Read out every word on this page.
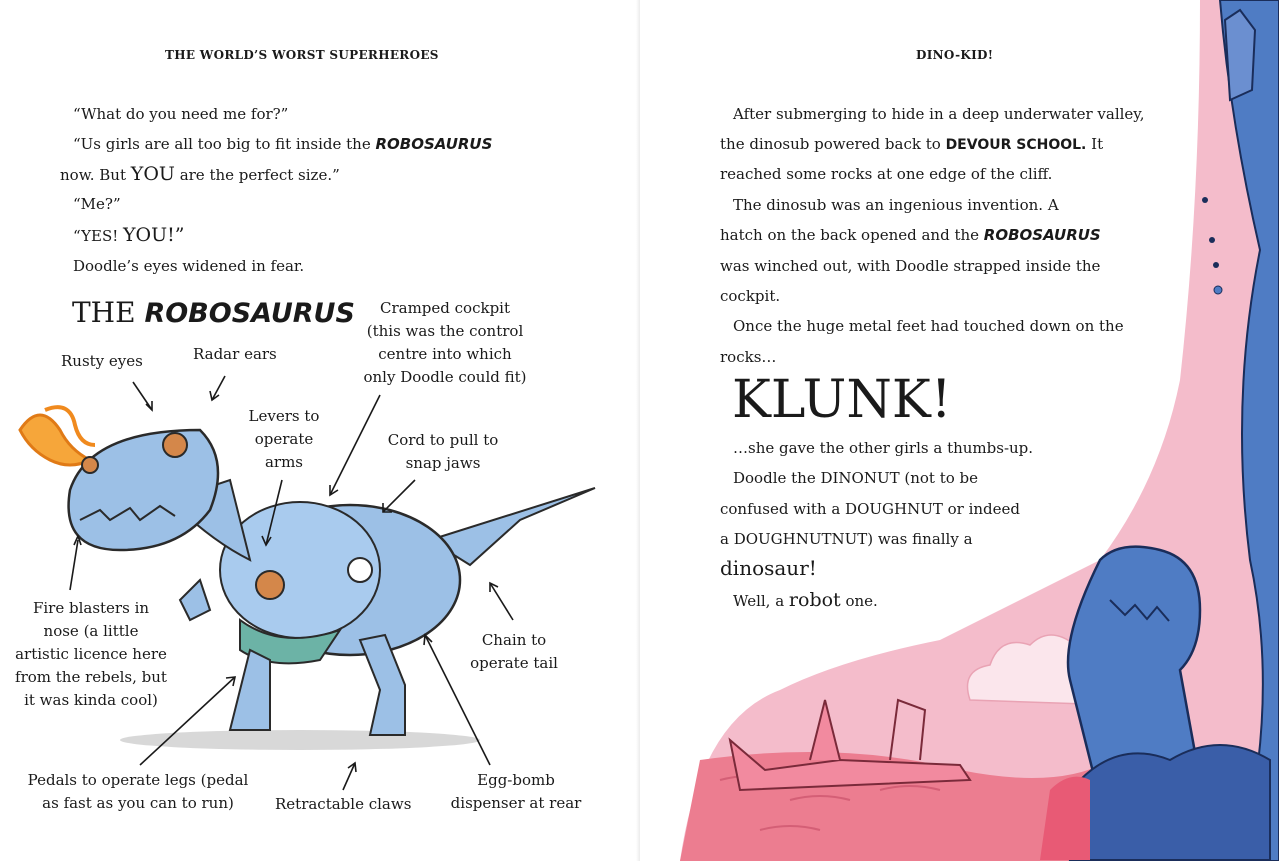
THE WORLD’S WORST SUPERHEROES
“What do you need me for?”
“Us girls are all too big to fit inside the ROBOSAURUS
now. But YOU are the perfect size.”
“Me?”
“YES! YOU!”
Doodle’s eyes widened in fear.
THE ROBOSAURUS
Rusty eyes	Radar ears
Cramped cockpit
(this was the control
centre into which
only Doodle could fit)
Levers to
operate
arms
Cord to pull to
snap jaws
Fire blasters in
nose (a little
artistic licence here
from the rebels, but
it was kinda cool)
Chain to
operate tail
Pedals to operate legs (pedal
as fast as you can to run)	Retractable claws
Egg-bomb
dispenser at rear
DINO-KID!
After submerging to hide in a deep underwater valley,
the dinosub powered back to DEVOUR SCHOOL. It
reached some rocks at one edge of the cliff.
The dinosub was an ingenious invention. A
hatch on the back opened and the ROBOSAURUS
was winched out, with Doodle strapped inside the
cockpit.
Once the huge metal feet had touched down on the
rocks…
KLUNK!
…she gave the other girls a thumbs-up.
Doodle the DINONUT (not to be
confused with a DOUGHNUT or indeed
a DOUGHNUTNUT) was finally a
dinosaur!
Well, a robot one.
